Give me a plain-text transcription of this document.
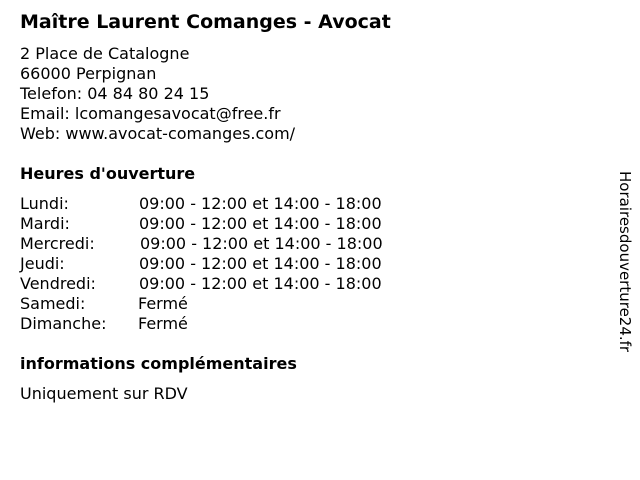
Maître Laurent Comanges - Avocat
2 Place de Catalogne
66000 Perpignan
Telefon: 04 84 80 24 15
Email: lcomangesavocat@free.fr
Web: www.avocat-comanges.com/
Heures d'ouverture
Lundi:	09:00 - 12:00 et 14:00 - 18:00
Mardi:	09:00 - 12:00 et 14:00 - 18:00
Mercredi:	09:00 - 12:00 et 14:00 - 18:00
Jeudi:	09:00 - 12:00 et 14:00 - 18:00
Vendredi:	09:00 - 12:00 et 14:00 - 18:00
Samedi:	Fermé
Dimanche: Fermé
informations complémentaires
Uniquement sur RDV
Horairesdouverture24.fr
